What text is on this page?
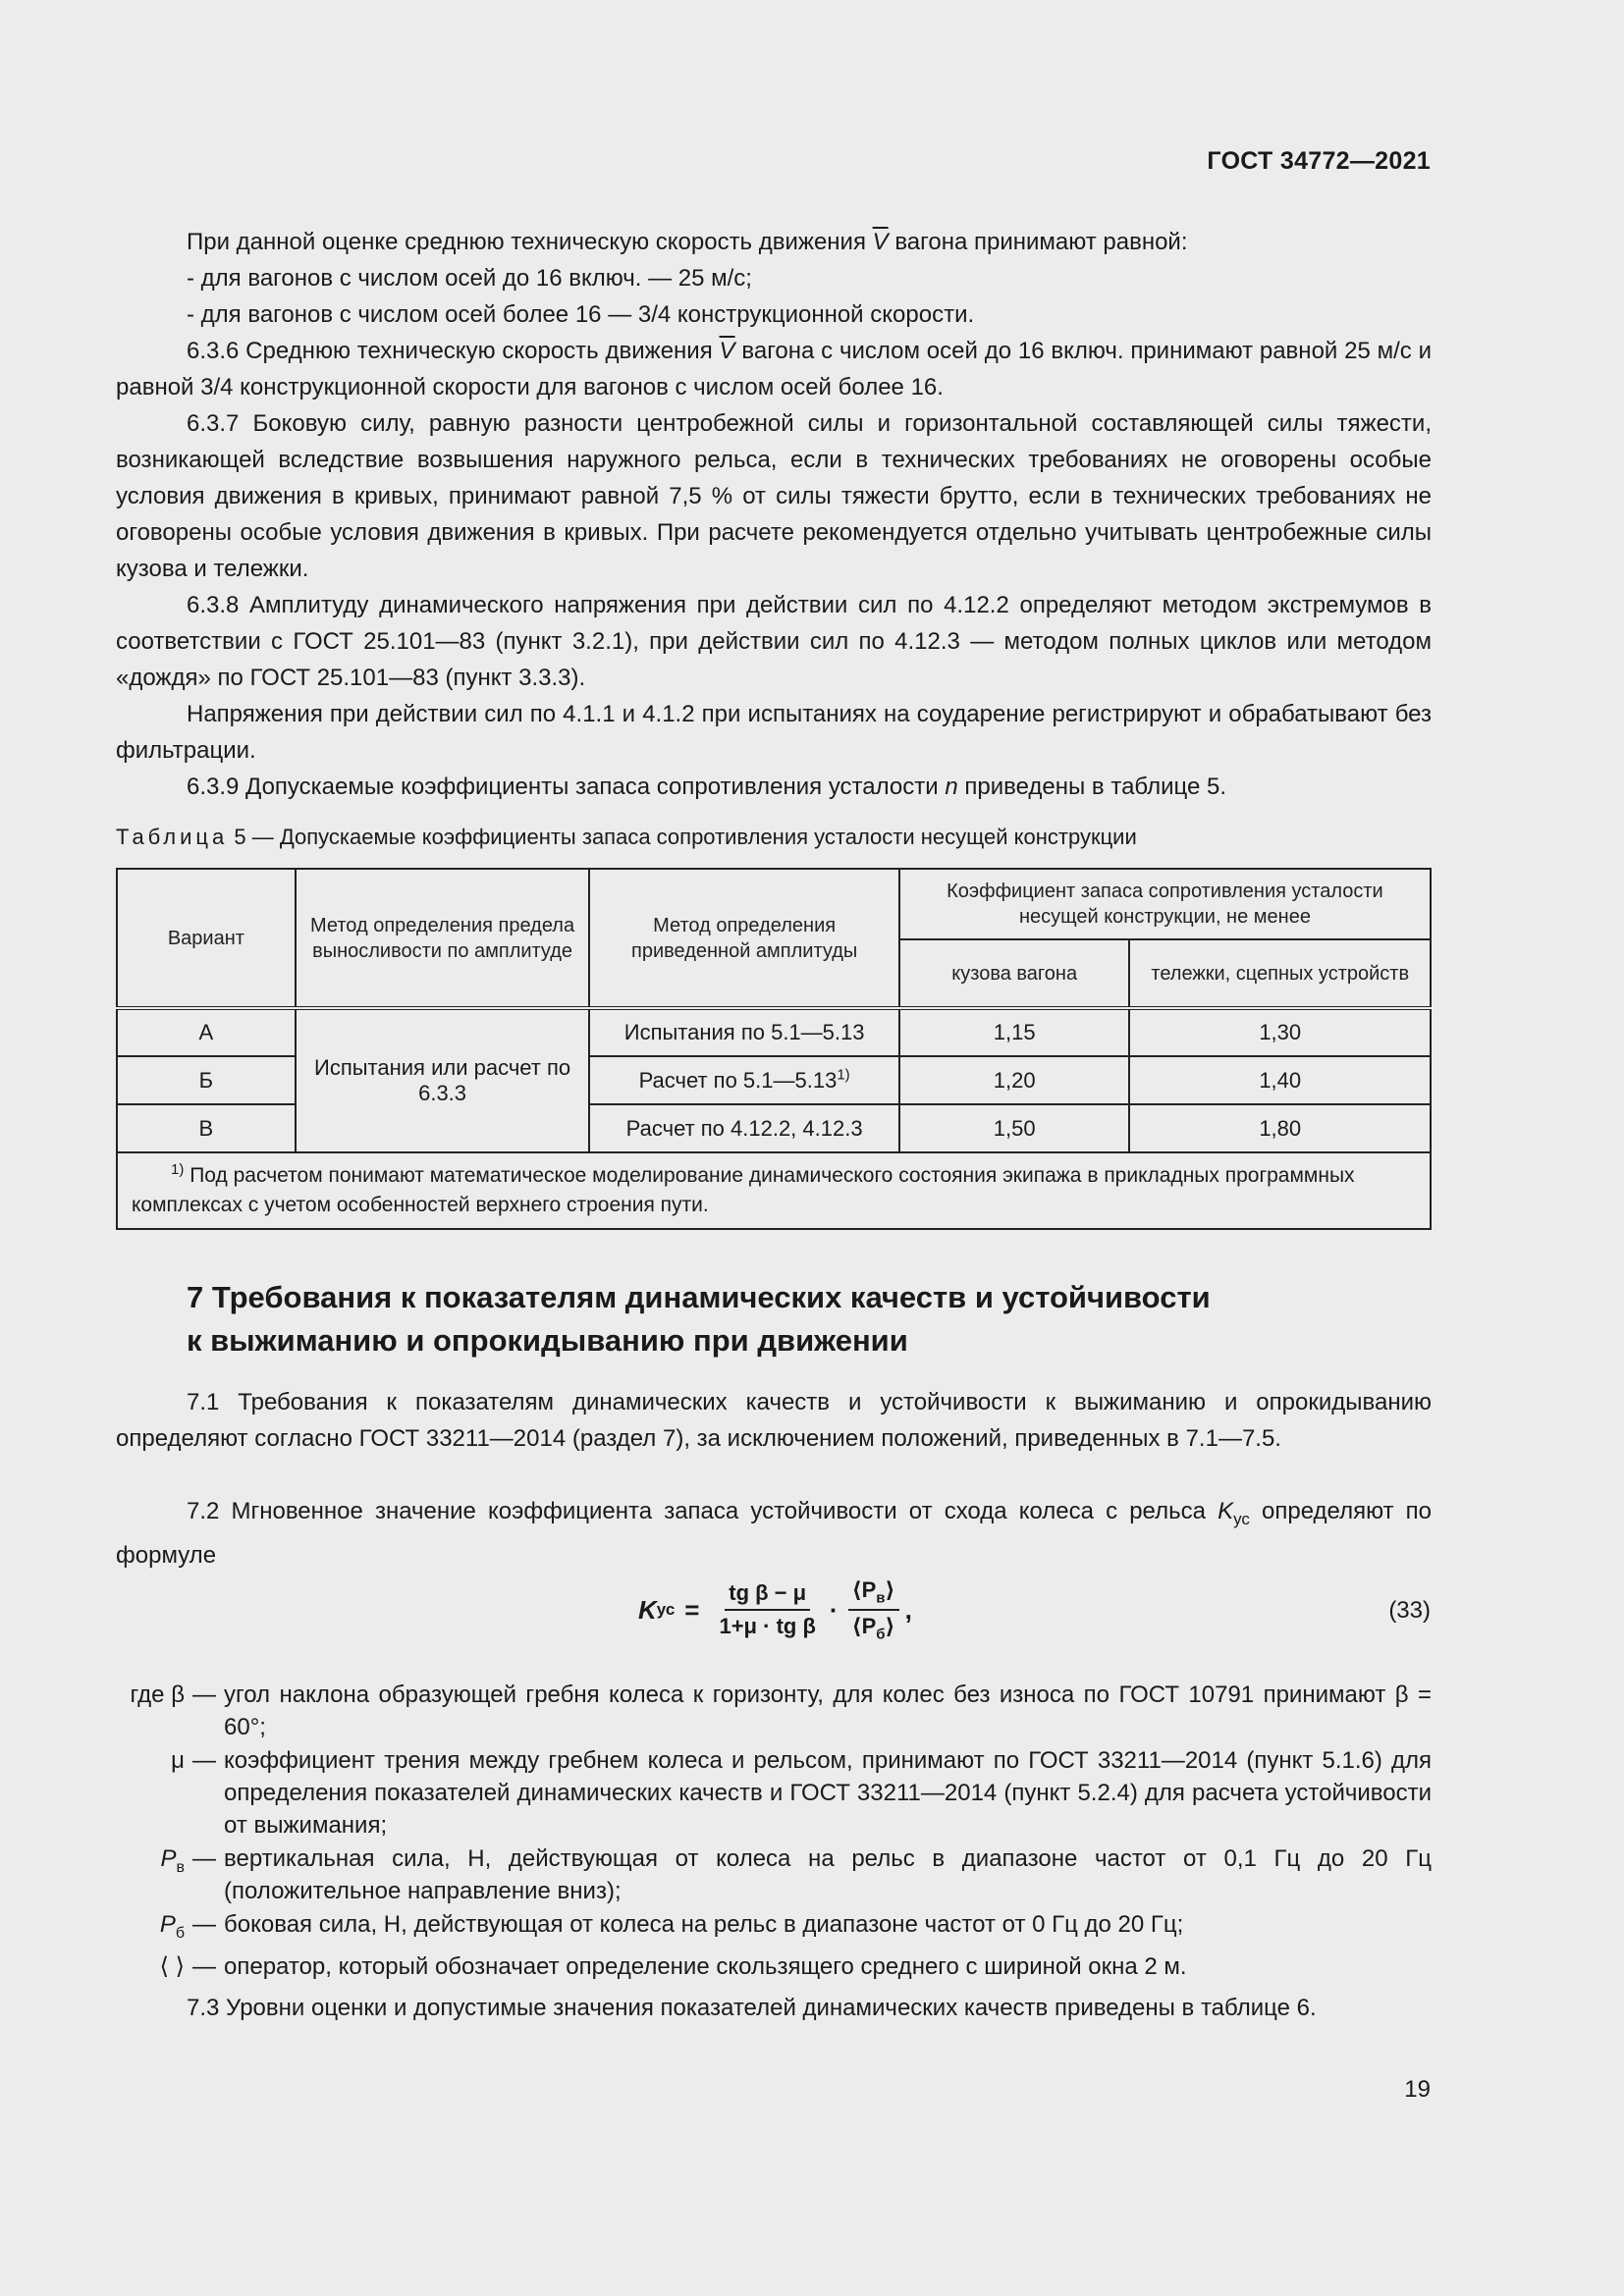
ГОСТ 34772—2021
При данной оценке среднюю техническую скорость движения $\overline{V}$ вагона принимают равной:
- для вагонов с числом осей до 16 включ. — 25 м/с;
- для вагонов с числом осей более 16 — 3/4 конструкционной скорости.
6.3.6 Среднюю техническую скорость движения $\overline{V}$ вагона с числом осей до 16 включ. принимают равной 25 м/с и равной 3/4 конструкционной скорости для вагонов с числом осей более 16.
6.3.7 Боковую силу, равную разности центробежной силы и горизонтальной составляющей силы тяжести, возникающей вследствие возвышения наружного рельса, если в технических требованиях не оговорены особые условия движения в кривых, принимают равной 7,5 % от силы тяжести брутто, если в технических требованиях не оговорены особые условия движения в кривых. При расчете рекомендуется отдельно учитывать центробежные силы кузова и тележки.
6.3.8 Амплитуду динамического напряжения при действии сил по 4.12.2 определяют методом экстремумов в соответствии с ГОСТ 25.101—83 (пункт 3.2.1), при действии сил по 4.12.3 — методом полных циклов или методом «дождя» по ГОСТ 25.101—83 (пункт 3.3.3).
Напряжения при действии сил по 4.1.1 и 4.1.2 при испытаниях на соударение регистрируют и обрабатывают без фильтрации.
6.3.9 Допускаемые коэффициенты запаса сопротивления усталости n приведены в таблице 5.
Таблица 5 — Допускаемые коэффициенты запаса сопротивления усталости несущей конструкции
Вариант	Метод определения предела выносливости по амплитуде	Метод определения приведенной амплитуды	Коэффициент запаса сопротивления усталости несущей конструкции, не менее	
			кузова вагона	тележки, сцепных устройств
А	Испытания или расчет по 6.3.3	Испытания по 5.1—5.13	1,15	1,30
Б		Расчет по 5.1—5.13$^{1)}$	1,20	1,40
В		Расчет по 4.12.2, 4.12.3	1,50	1,80
$^{1)}$ Под расчетом понимают математическое моделирование динамического состояния экипажа в прикладных программных комплексах с учетом особенностей верхнего строения пути.				
7 Требования к показателям динамических качеств и устойчивости
к выжиманию и опрокидыванию при движении
7.1 Требования к показателям динамических качеств и устойчивости к выжиманию и опрокидыванию определяют согласно ГОСТ 33211—2014 (раздел 7), за исключением положений, приведенных в 7.1—7.5.
7.2 Мгновенное значение коэффициента запаса устойчивости от схода колеса с рельса $K_{ус}$ определяют по формуле
K ус = $\frac{\text{tg β − μ}}{\text{1+μ · tg β}} \cdot \frac{⟨P_в⟩}{⟨P_б⟩}$ ,	(33)
где β — угол наклона образующей гребня колеса к горизонту, для колес без износа по ГОСТ 10791 принимают β = 60°;
μ — коэффициент трения между гребнем колеса и рельсом, принимают по ГОСТ 33211—2014 (пункт 5.1.6) для определения показателей динамических качеств и ГОСТ 33211—2014 (пункт 5.2.4) для расчета устойчивости от выжимания;
$P_в$ — вертикальная сила, Н, действующая от колеса на рельс в диапазоне частот от 0,1 Гц до 20 Гц (положительное направление вниз);
$P_б$ — боковая сила, Н, действующая от колеса на рельс в диапазоне частот от 0 Гц до 20 Гц;
⟨ ⟩ — оператор, который обозначает определение скользящего среднего с шириной окна 2 м.
7.3 Уровни оценки и допустимые значения показателей динамических качеств приведены в таблице 6.
19
